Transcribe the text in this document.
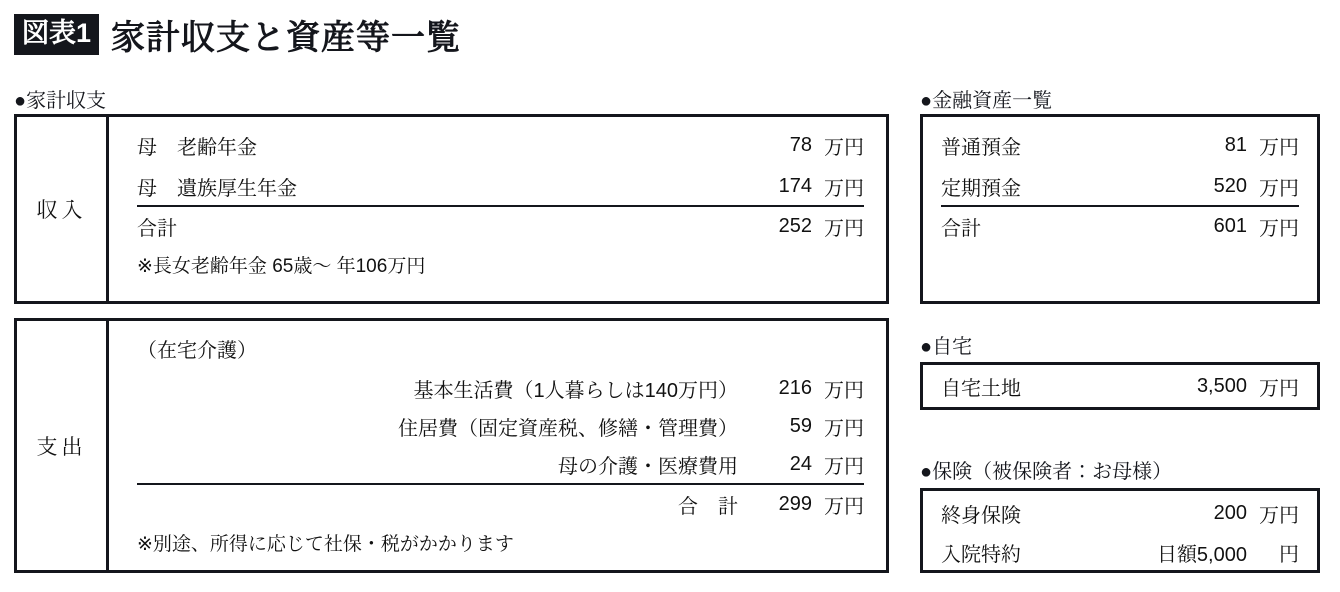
図表1 家計収支と資産等一覧
●家計収支
収入
母　老齢年金	78 万円
母　遺族厚生年金	174 万円
合計	252 万円
※長女老齢年金 65歳〜 年106万円
支出
（在宅介護）
基本生活費（1人暮らしは140万円）	216 万円
住居費（固定資産税、修繕・管理費）	59 万円
母の介護・医療費用	24 万円
合　計	299 万円
※別途、所得に応じて社保・税がかかります
●金融資産一覧
普通預金	81 万円
定期預金	520 万円
合計	601 万円
●自宅
自宅土地	3,500 万円
●保険（被保険者：お母様）
終身保険	200 万円
入院特約	日額5,000	円
